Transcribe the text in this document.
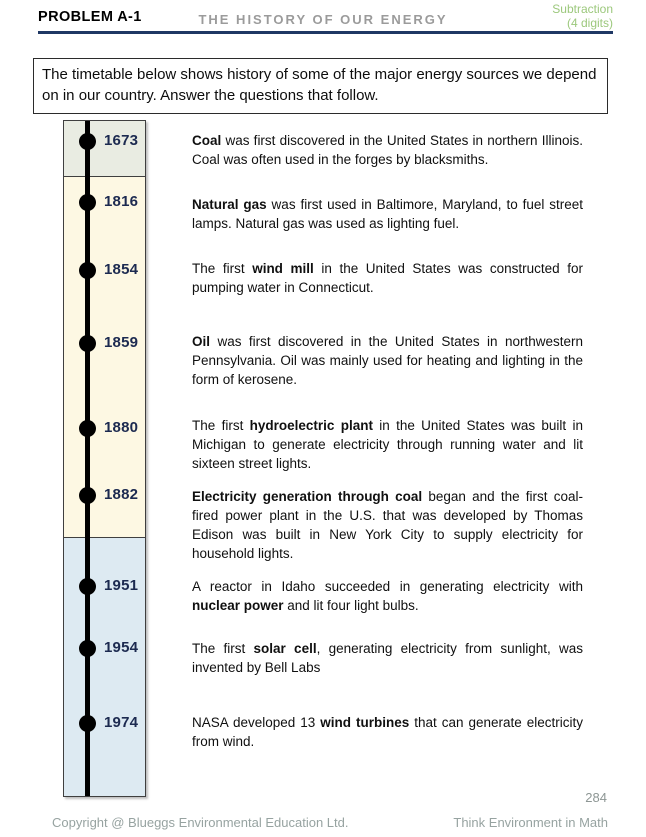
PROBLEM A-1	THE HISTORY OF OUR ENERGY
Subtraction
(4 digits)

The timetable below shows history of some of the major energy sources we depend on in our country. Answer the questions that follow.

1673
1816
1854
1859
1880
1882
1951
1954
1974

Coal was first discovered in the United States in northern Illinois. Coal was often used in the forges by blacksmiths.

Natural gas was first used in Baltimore, Maryland, to fuel street lamps. Natural gas was used as lighting fuel.

The first wind mill in the United States was constructed for pumping water in Connecticut.

Oil was first discovered in the United States in northwestern Pennsylvania. Oil was mainly used for heating and lighting in the form of kerosene.

The first hydroelectric plant in the United States was built in Michigan to generate electricity through running water and lit sixteen street lights.

Electricity generation through coal began and the first coal-fired power plant in the U.S. that was developed by Thomas Edison was built in New York City to supply electricity for household lights.

A reactor in Idaho succeeded in generating electricity with nuclear power and lit four light bulbs.

The first solar cell, generating electricity from sunlight, was invented by Bell Labs

NASA developed 13 wind turbines that can generate electricity from wind.

284
Copyright @ Blueggs Environmental Education Ltd.	Think Environment in Math
